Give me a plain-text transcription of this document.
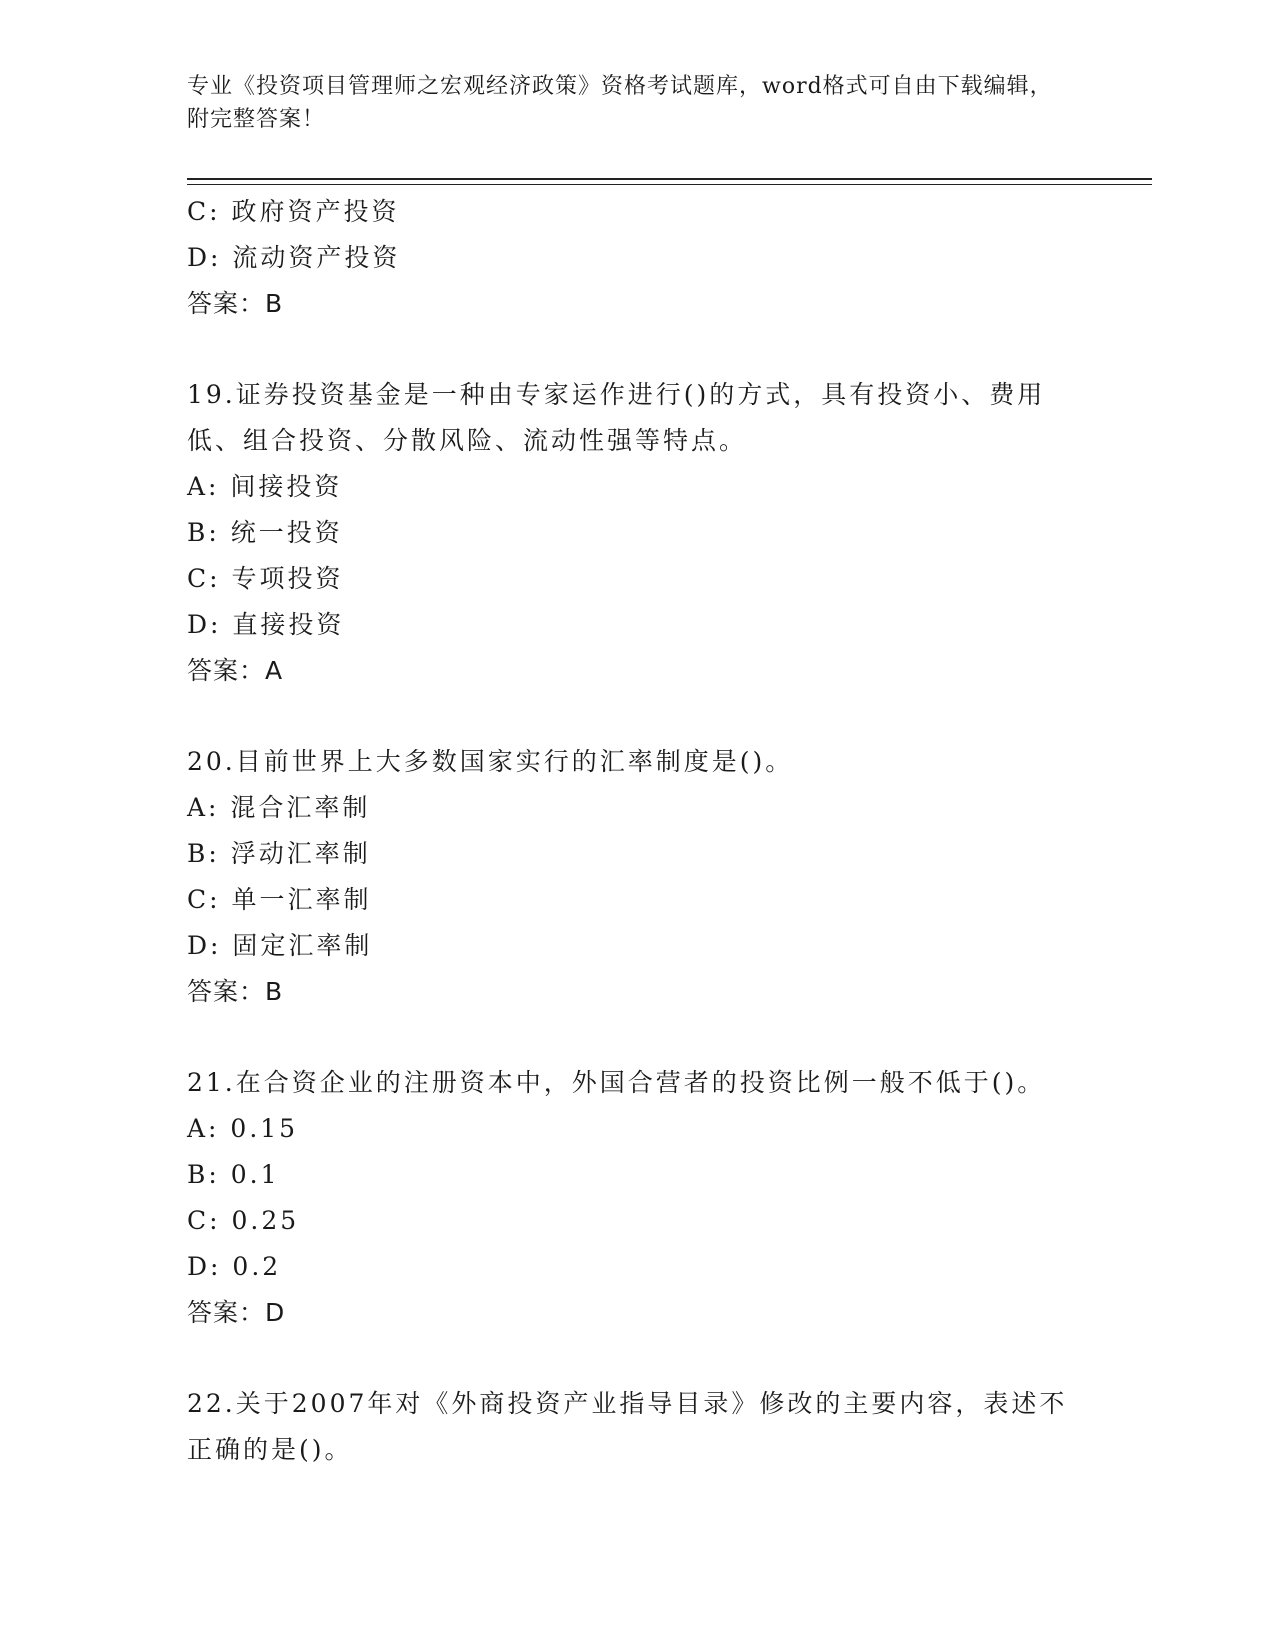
专业《投资项目管理师之宏观经济政策》资格考试题库，word格式可自由下载编辑，附完整答案！
C: 政府资产投资
D: 流动资产投资
答案：B
19.证券投资基金是一种由专家运作进行()的方式，具有投资小、费用低、组合投资、分散风险、流动性强等特点。
A: 间接投资
B: 统一投资
C: 专项投资
D: 直接投资
答案：A
20.目前世界上大多数国家实行的汇率制度是()。
A: 混合汇率制
B: 浮动汇率制
C: 单一汇率制
D: 固定汇率制
答案：B
21.在合资企业的注册资本中，外国合营者的投资比例一般不低于()。
A: 0.15
B: 0.1
C: 0.25
D: 0.2
答案：D
22.关于2007年对《外商投资产业指导目录》修改的主要内容，表述不正确的是()。
